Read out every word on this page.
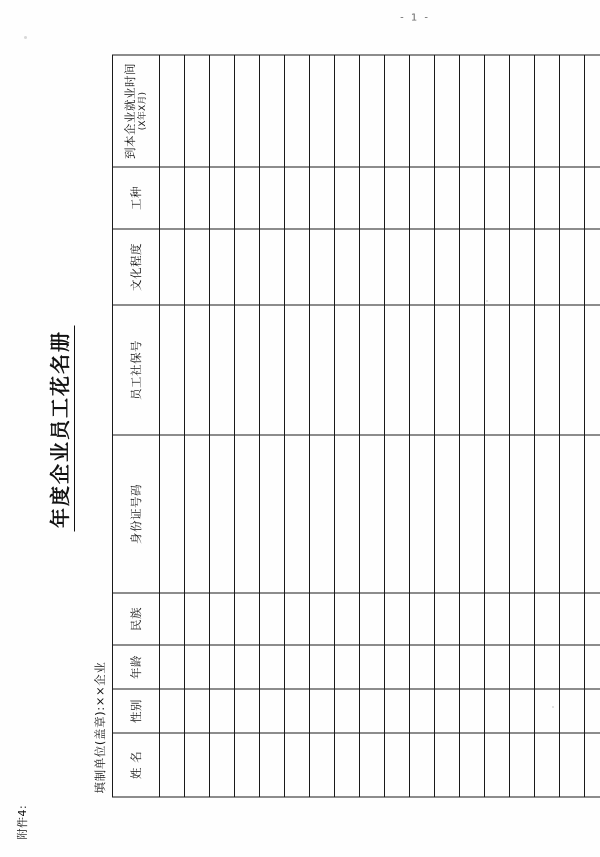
附件4:
年度企业员工花名册
填制单位(盖章):××企业 姓 名	性别	年龄	民族	身份证号码	员工社保号	文化程度	工种	到本企业就业时间 (X年X月)

- 1 -
